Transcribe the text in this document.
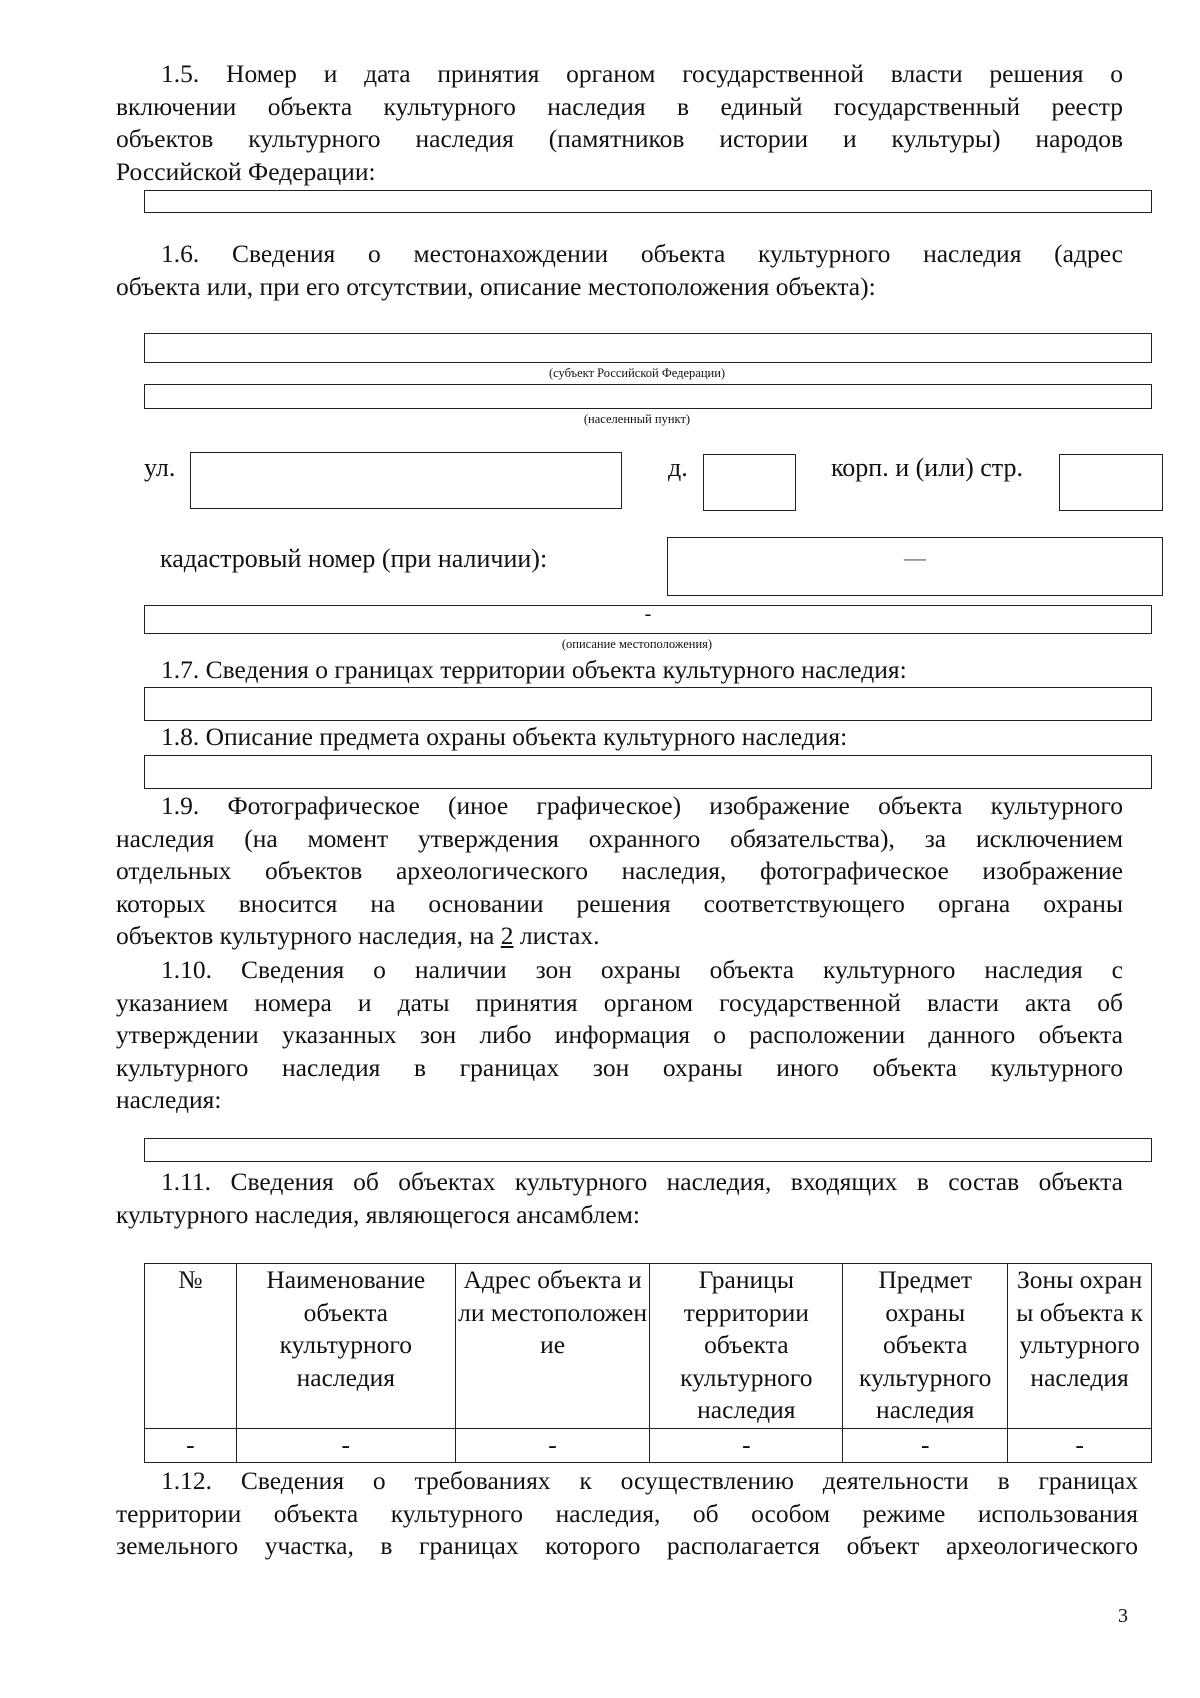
1.5. Номер и дата принятия органом государственной власти решения о
включении объекта культурного наследия в единый государственный реестр
объектов культурного наследия (памятников истории и культуры) народов
Российской Федерации:
1.6. Сведения о местонахождении объекта культурного наследия (адрес
объекта или, при его отсутствии, описание местоположения объекта):
(субъект Российской Федерации)
(населенный пункт)
ул.	д.	корп. и (или) стр.
кадастровый номер (при наличии):	—
-
(описание местоположения)
1.7. Сведения о границах территории объекта культурного наследия:
1.8. Описание предмета охраны объекта культурного наследия:
1.9. Фотографическое (иное графическое) изображение объекта культурного
наследия (на момент утверждения охранного обязательства), за исключением
отдельных объектов археологического наследия, фотографическое изображение
которых вносится на основании решения соответствующего органа охраны
объектов культурного наследия, на 2 листах.
1.10. Сведения о наличии зон охраны объекта культурного наследия с
указанием номера и даты принятия органом государственной власти акта об
утверждении указанных зон либо информация о расположении данного объекта
культурного наследия в границах зон охраны иного объекта культурного
наследия:
1.11. Сведения об объектах культурного наследия, входящих в состав объекта
культурного наследия, являющегося ансамблем:
№	Наименование объекта культурного наследия	Адрес объекта или местоположение	Границы территории объекта культурного наследия	Предмет охраны объекта культурного наследия	Зоны охраны объекта культурного наследия
-	-	-	-	-	-
1.12. Сведения о требованиях к осуществлению деятельности в границах
территории объекта культурного наследия, об особом режиме использования
земельного участка, в границах которого располагается объект археологического
3
